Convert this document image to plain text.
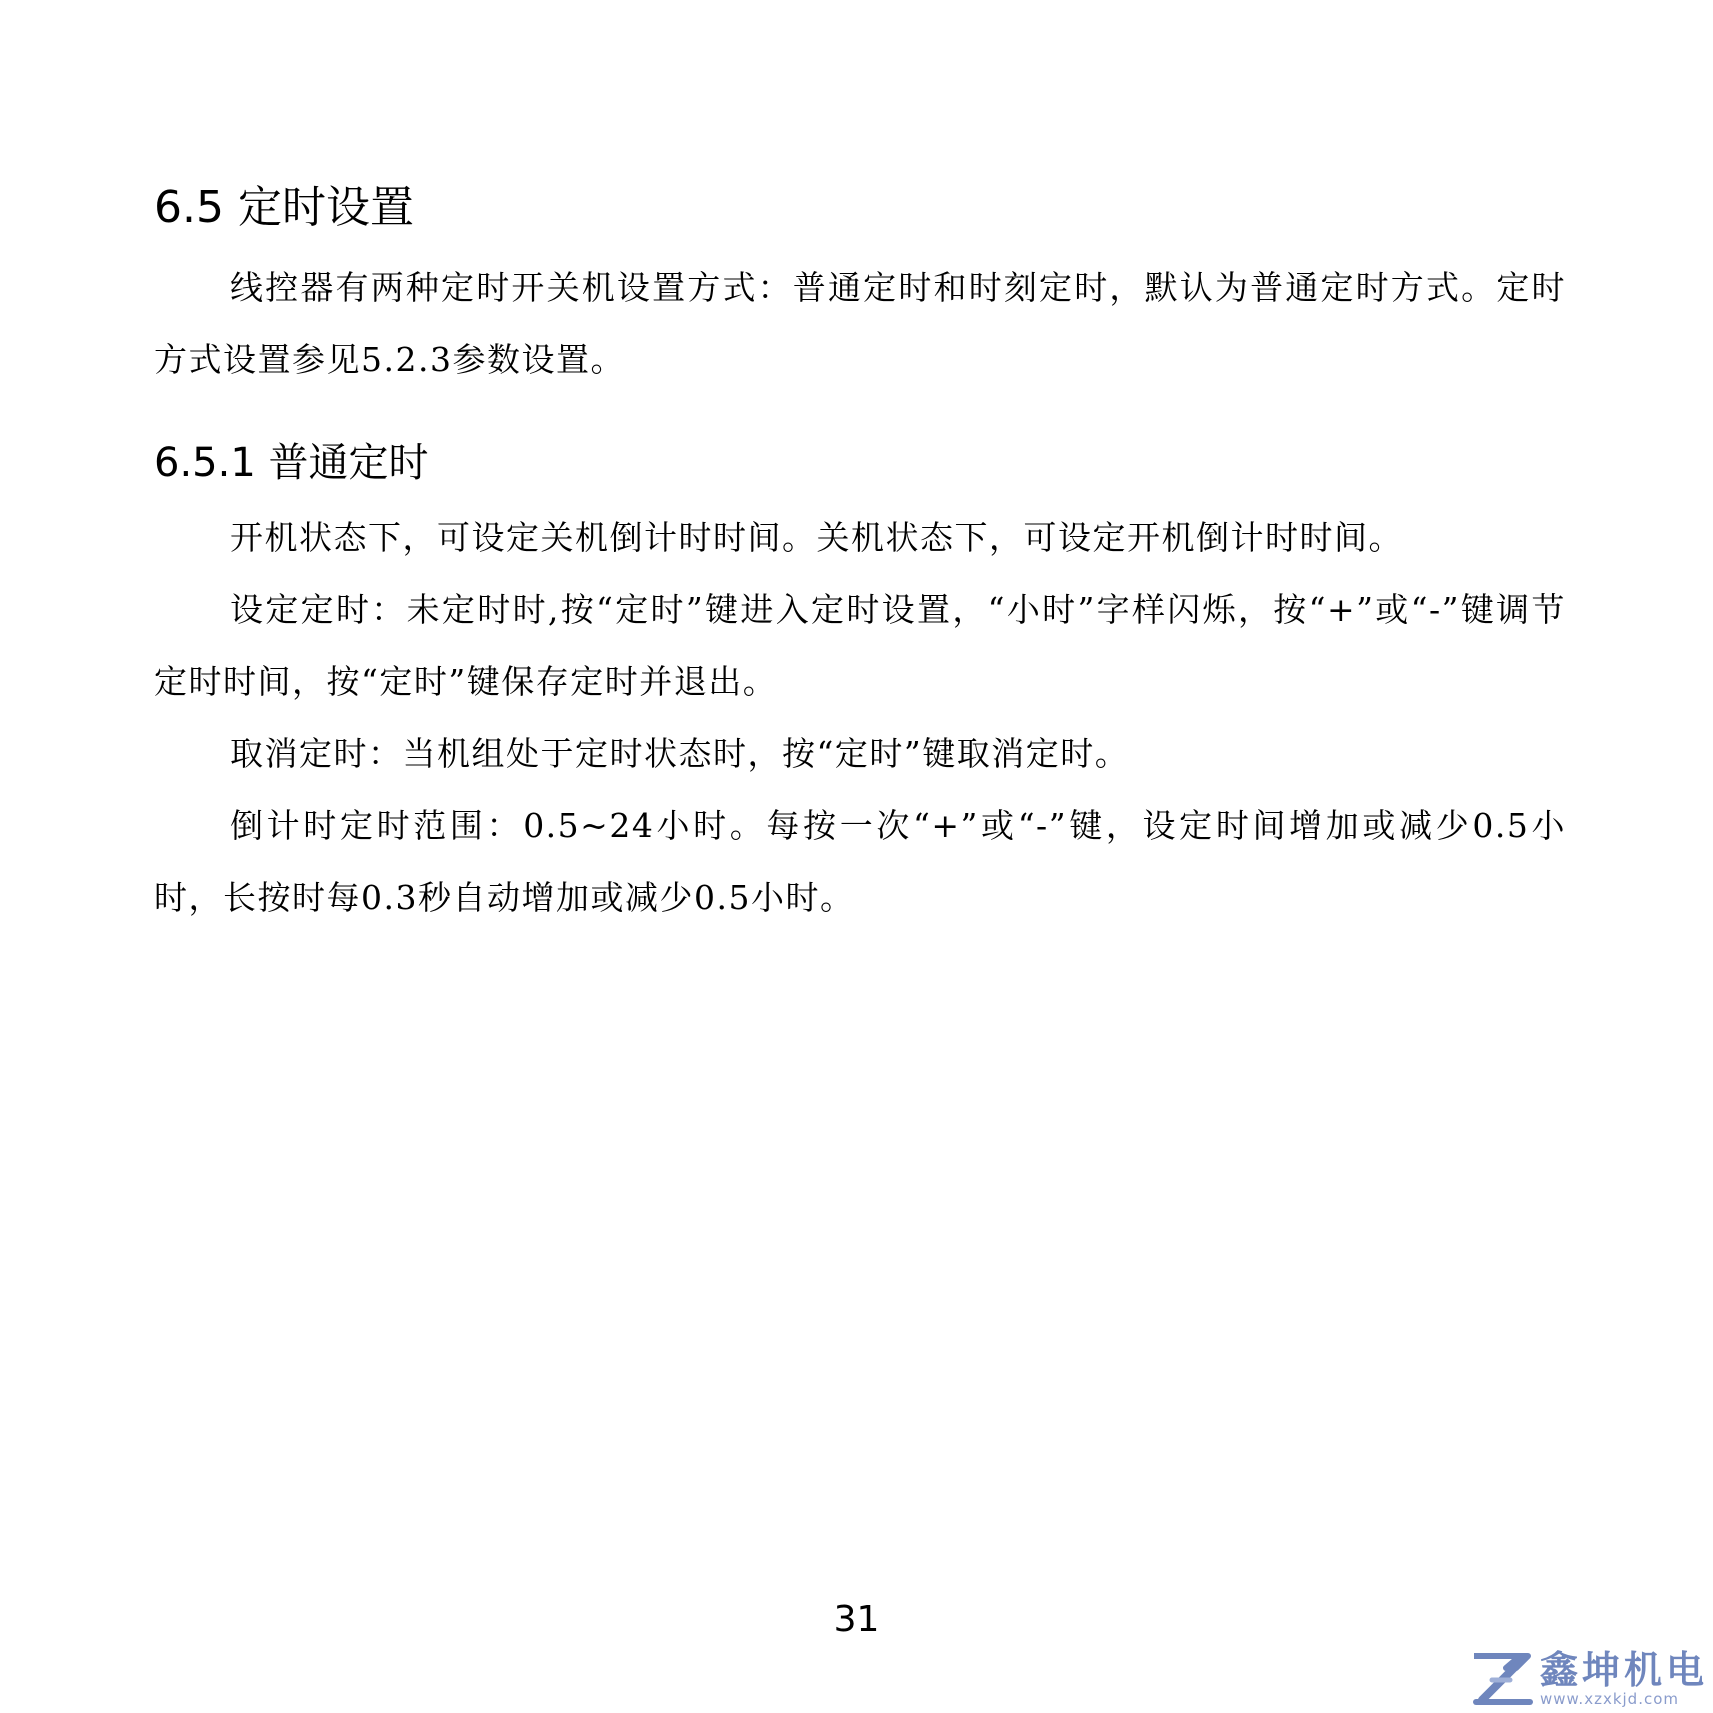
6.5 定时设置

线控器有两种定时开关机设置方式：普通定时和时刻定时，默认为普通定时方式。定时方式设置参见5.2.3参数设置。

6.5.1 普通定时

开机状态下，可设定关机倒计时时间。关机状态下，可设定开机倒计时时间。

设定定时：未定时时,按“定时”键进入定时设置，“小时”字样闪烁，按“+”或“-”键调节定时时间，按“定时”键保存定时并退出。

取消定时：当机组处于定时状态时，按“定时”键取消定时。

倒计时定时范围：0.5~24小时。每按一次“+”或“-”键，设定时间增加或减少0.5小时，长按时每0.3秒自动增加或减少0.5小时。

31
鑫坤机电
www.xzxkjd.com
